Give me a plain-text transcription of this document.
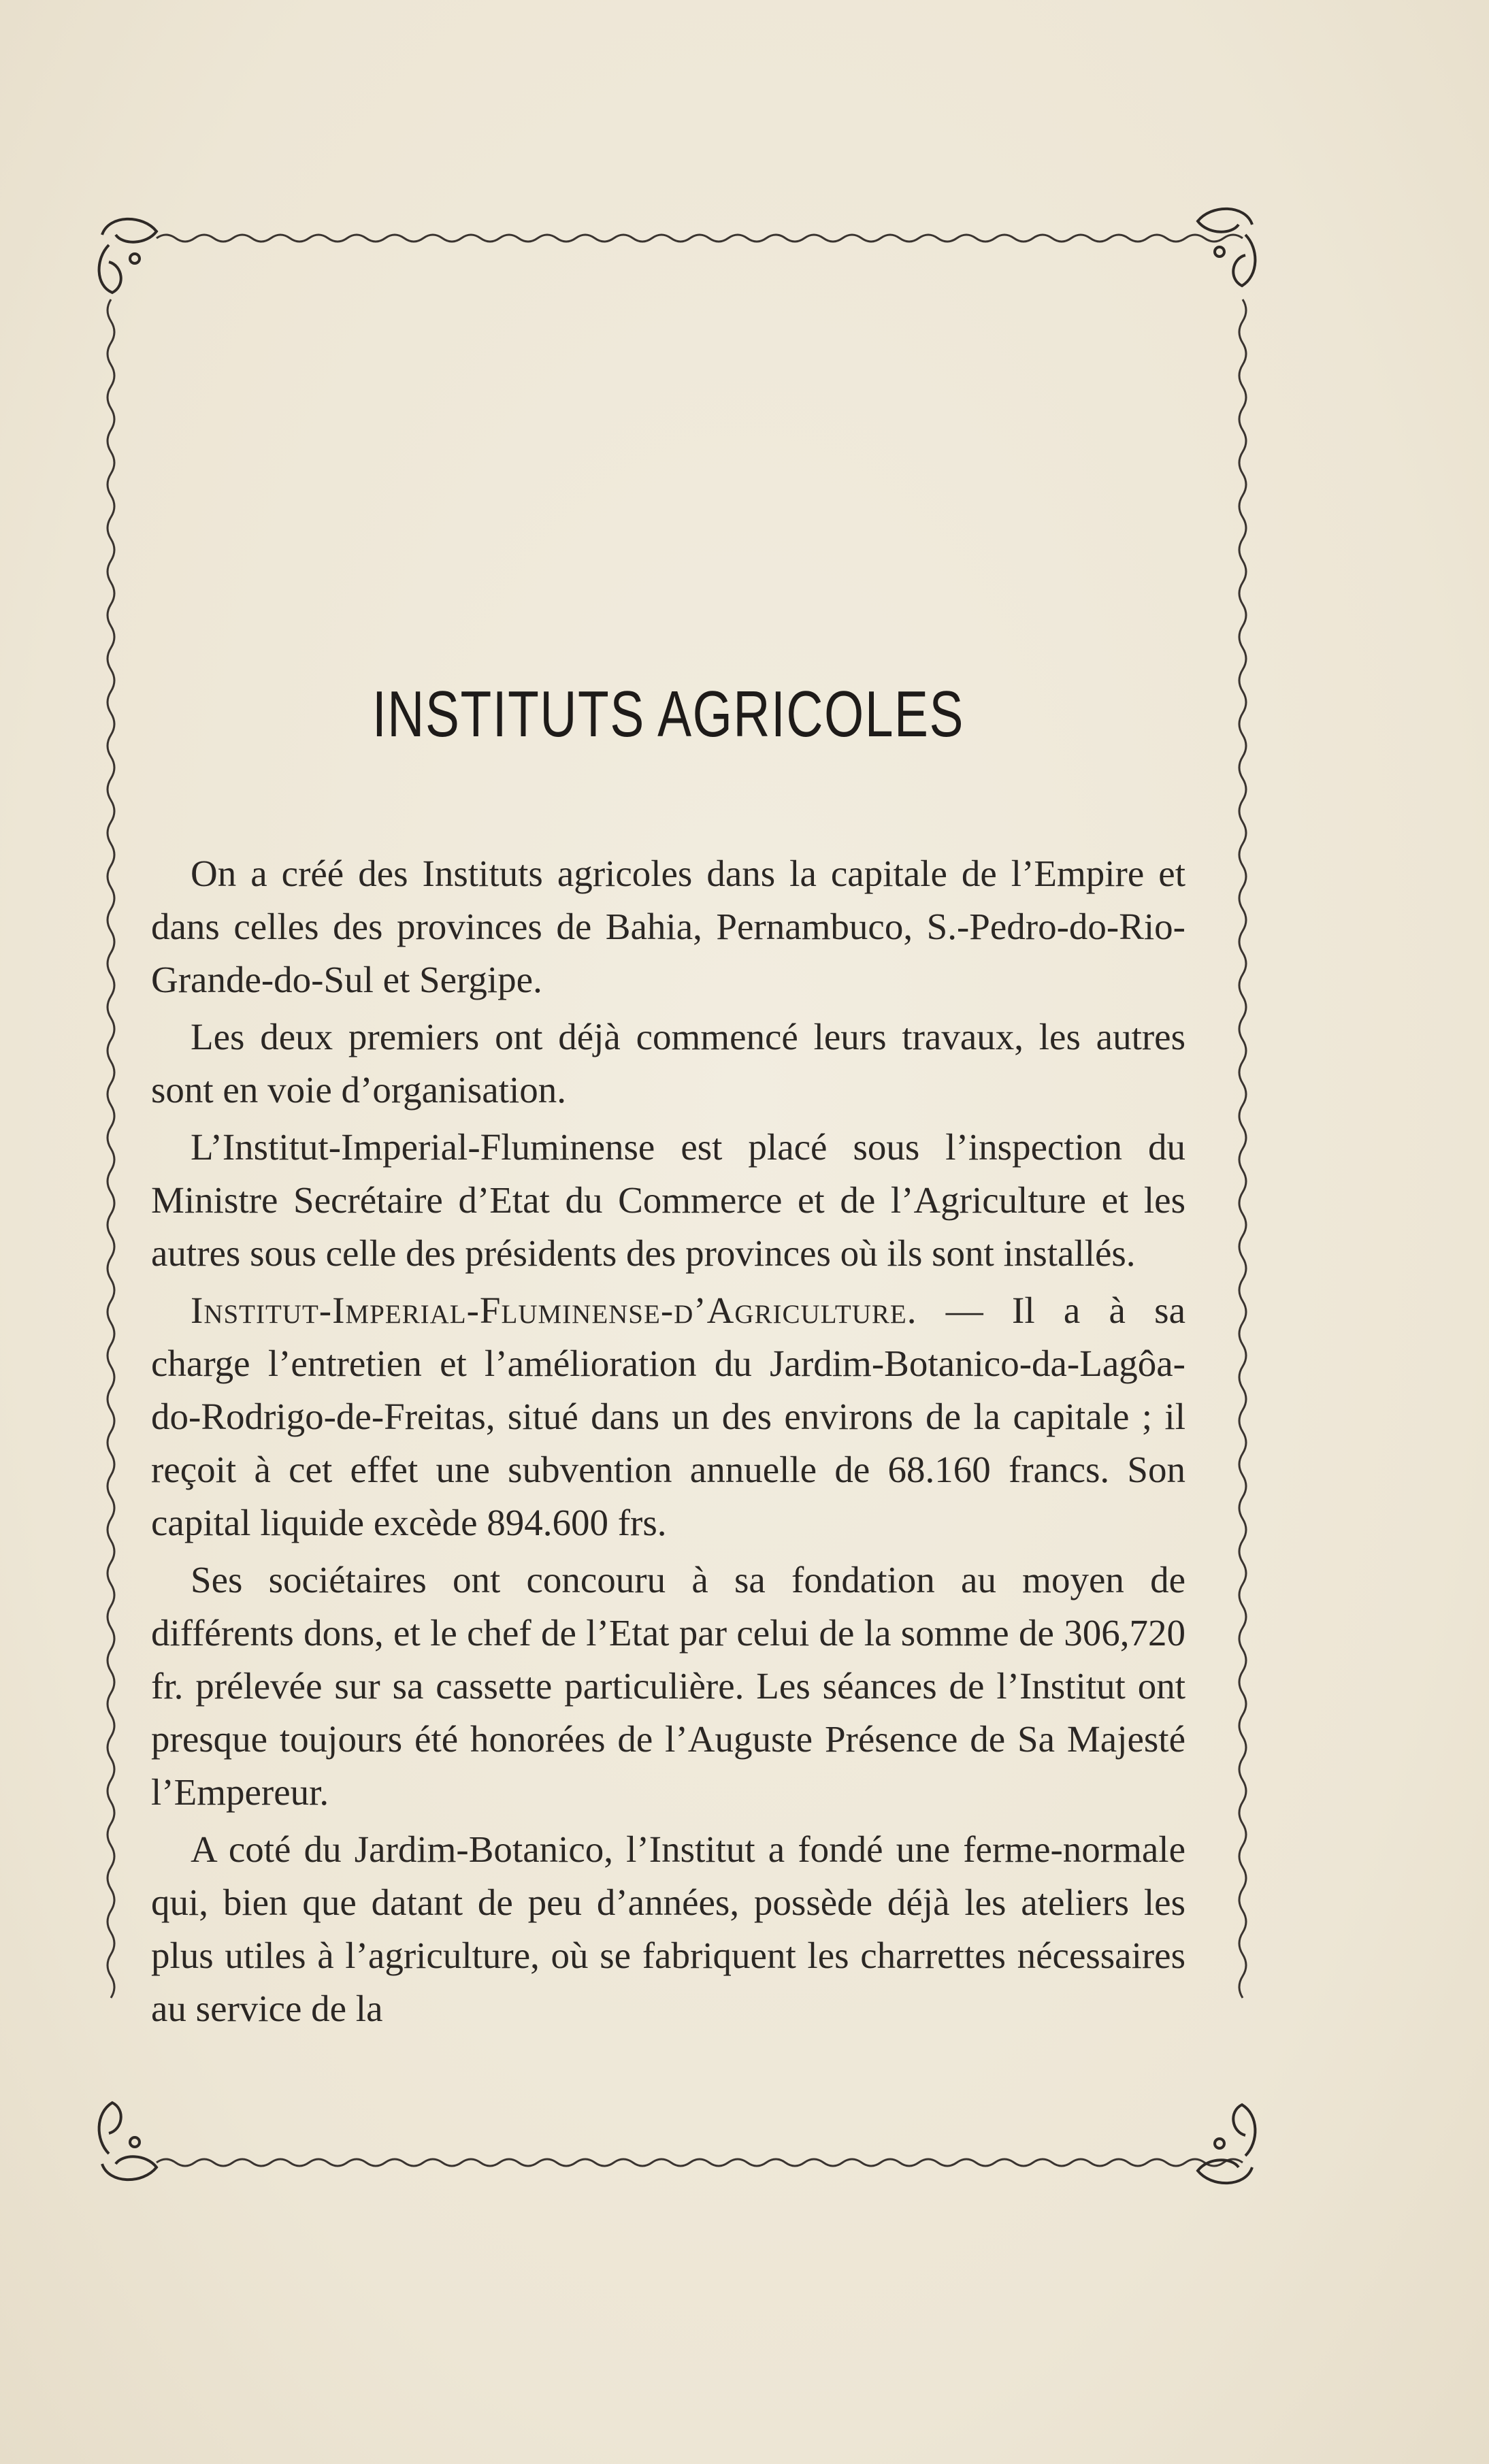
INSTITUTS AGRICOLES

On a créé des Instituts agricoles dans la capitale de l’Empire et dans celles des provinces de Bahia, Pernambuco, S.-Pedro-do-Rio-Grande-do-Sul et Sergipe.

Les deux premiers ont déjà commencé leurs travaux, les autres sont en voie d’organisation.

L’Institut-Imperial-Fluminense est placé sous l’inspection du Ministre Secrétaire d’Etat du Commerce et de l’Agriculture et les autres sous celle des présidents des provinces où ils sont installés.

Institut-Imperial-Fluminense-d’Agriculture. — Il a à sa charge l’entretien et l’amélioration du Jardim-Botanico-da-Lagôa-do-Rodrigo-de-Freitas, situé dans un des environs de la capitale ; il reçoit à cet effet une subvention annuelle de 68.160 francs. Son capital liquide excède 894.600 frs.

Ses sociétaires ont concouru à sa fondation au moyen de différents dons, et le chef de l’Etat par celui de la somme de 306,720 fr. prélevée sur sa cassette particulière. Les séances de l’Institut ont presque toujours été honorées de l’Auguste Présence de Sa Majesté l’Empereur.

A coté du Jardim-Botanico, l’Institut a fondé une ferme-normale qui, bien que datant de peu d’années, possède déjà les ateliers les plus utiles à l’agriculture, où se fabriquent les charrettes nécessaires au service de la
